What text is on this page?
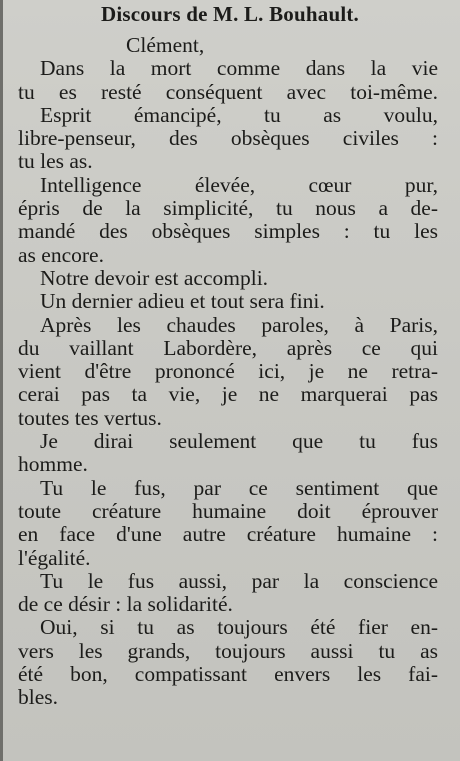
Discours de M. L. Bouhault.
Clément,
Dans la mort comme dans la vie
tu es resté conséquent avec toi-même.
Esprit émancipé, tu as voulu,
libre-penseur, des obsèques civiles :
tu les as.
Intelligence élevée, cœur pur,
épris de la simplicité, tu nous a de-
mandé des obsèques simples : tu les
as encore.
Notre devoir est accompli.
Un dernier adieu et tout sera fini.
Après les chaudes paroles, à Paris,
du vaillant Labordère, après ce qui
vient d'être prononcé ici, je ne retra-
cerai pas ta vie, je ne marquerai pas
toutes tes vertus.
Je dirai seulement que tu fus
homme.
Tu le fus, par ce sentiment que
toute créature humaine doit éprouver
en face d'une autre créature humaine :
l'égalité.
Tu le fus aussi, par la conscience
de ce désir : la solidarité.
Oui, si tu as toujours été fier en-
vers les grands, toujours aussi tu as
été bon, compatissant envers les fai-
bles.
